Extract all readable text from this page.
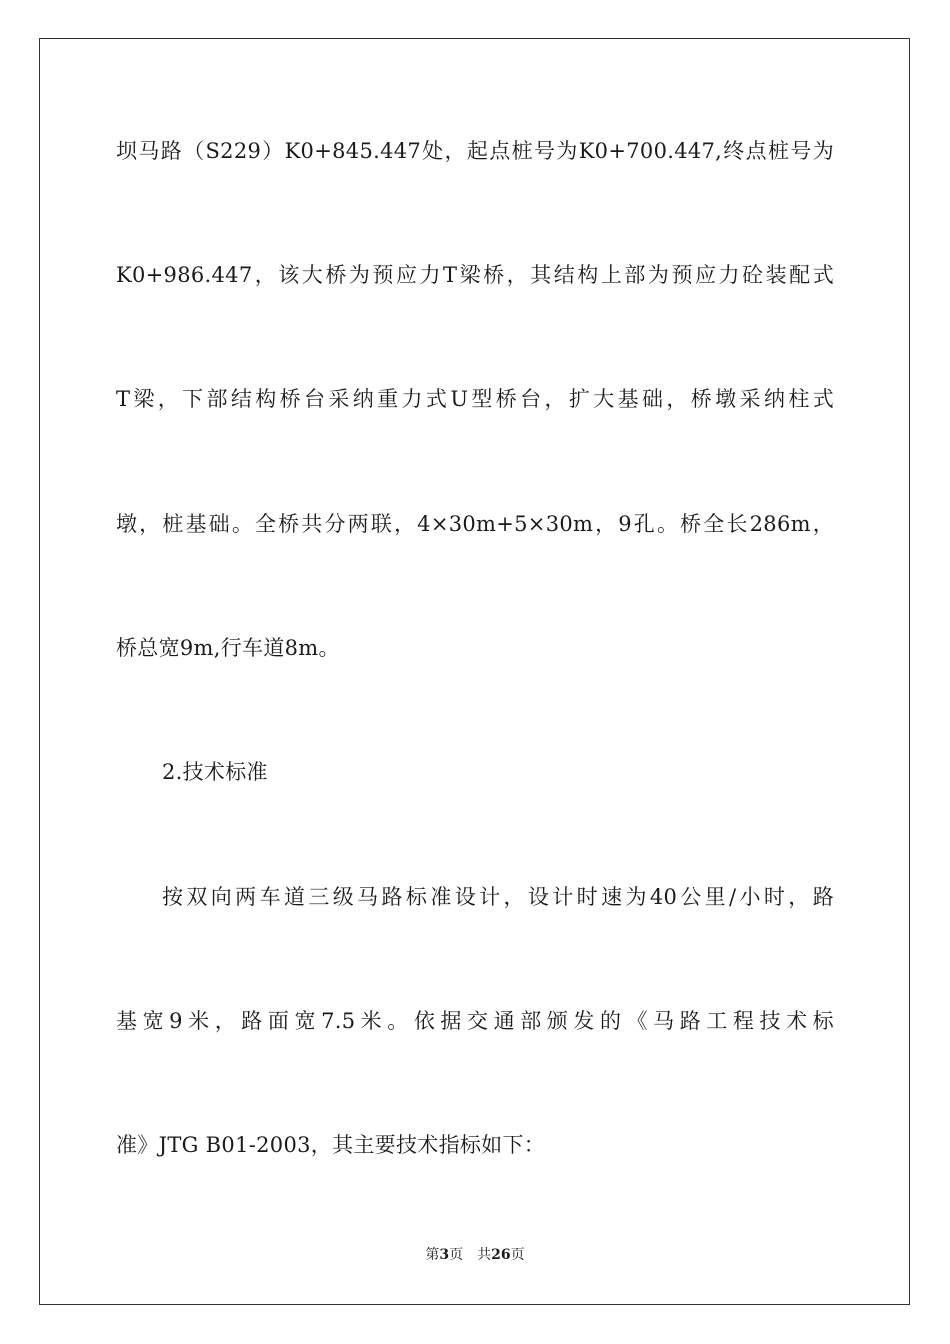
坝马路（S229）K0+845.447处，起点桩号为K0+700.447,终点桩号为
K0+986.447，该大桥为预应力T梁桥，其结构上部为预应力砼装配式
T梁，下部结构桥台采纳重力式U型桥台，扩大基础，桥墩采纳柱式
墩，桩基础。全桥共分两联，4×30m+5×30m，9孔。桥全长286m，
桥总宽9m,行车道8m。
2.技术标准
按双向两车道三级马路标准设计，设计时速为40公里/小时，路
基宽9米，路面宽7.5米。依据交通部颁发的《马路工程技术标
准》JTG B01-2003，其主要技术指标如下：
第3页 共26页
